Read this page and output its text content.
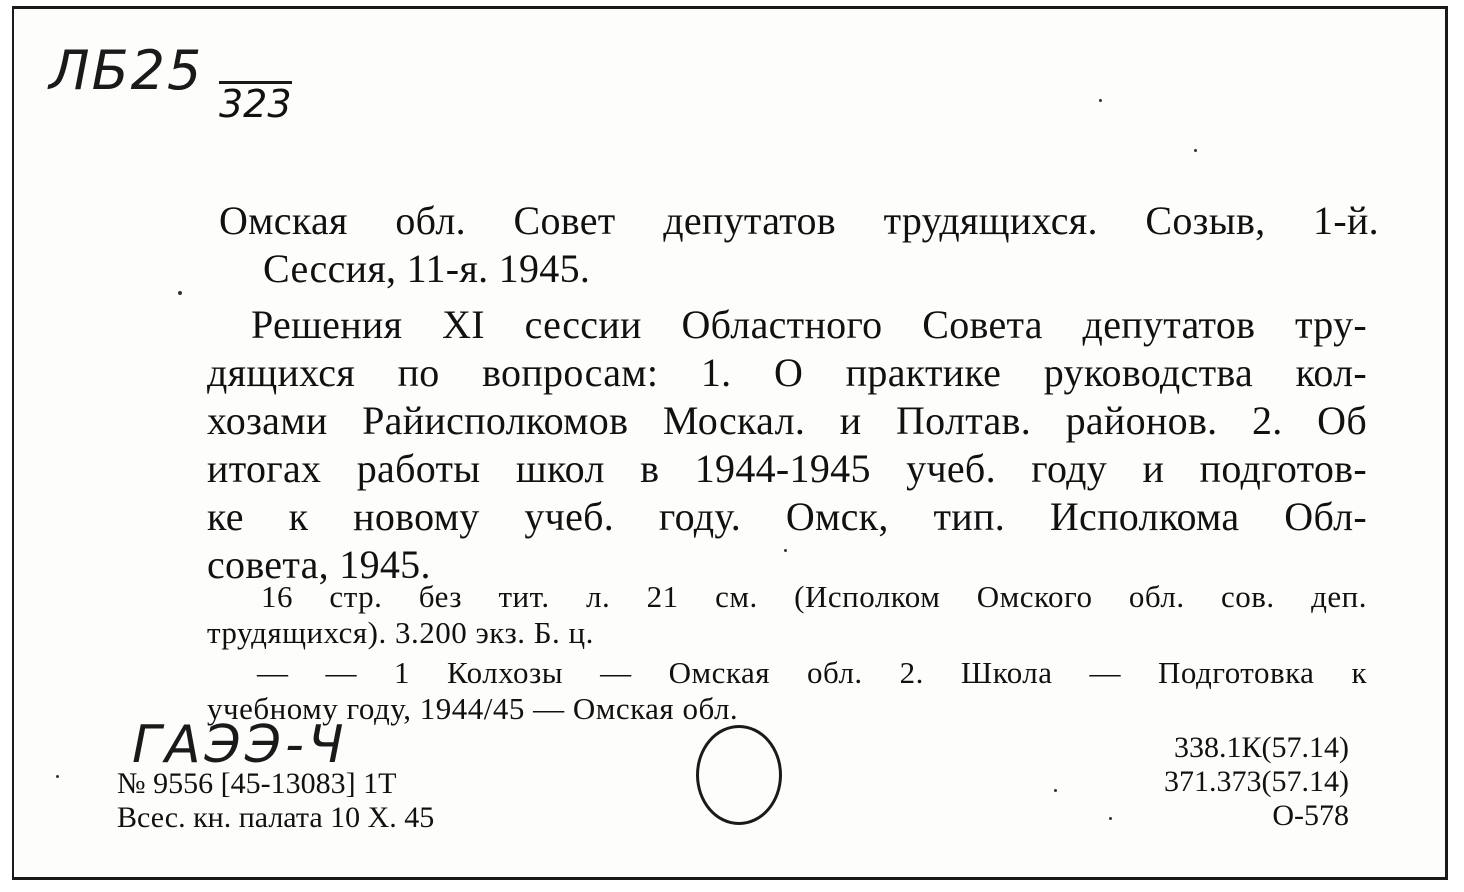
ЛБ25
323
Омская обл. Совет депутатов трудящихся. Созыв, 1-й.
Сессия, 11-я. 1945.
Решения XI сессии Областного Совета депутатов тру-
дящихся по вопросам: 1. О практике руководства кол-
хозами Райисполкомов Москал. и Полтав. районов. 2. Об
итогах работы школ в 1944-1945 учеб. году и подготов-
ке к новому учеб. году. Омск, тип. Исполкома Обл-
совета, 1945.
16 стр. без тит. л. 21 см. (Исполком Омского обл. сов. деп.
трудящихся). 3.200 экз. Б. ц.
— — 1 Колхозы — Омская обл. 2. Школа — Подготовка к
учебному году, 1944/45 — Омская обл.
ГАЭЭ-Ч
№ 9556 [45-13083] 1Т
Всес. кн. палата 10 X. 45
338.1К(57.14)
371.373(57.14)
О-578
